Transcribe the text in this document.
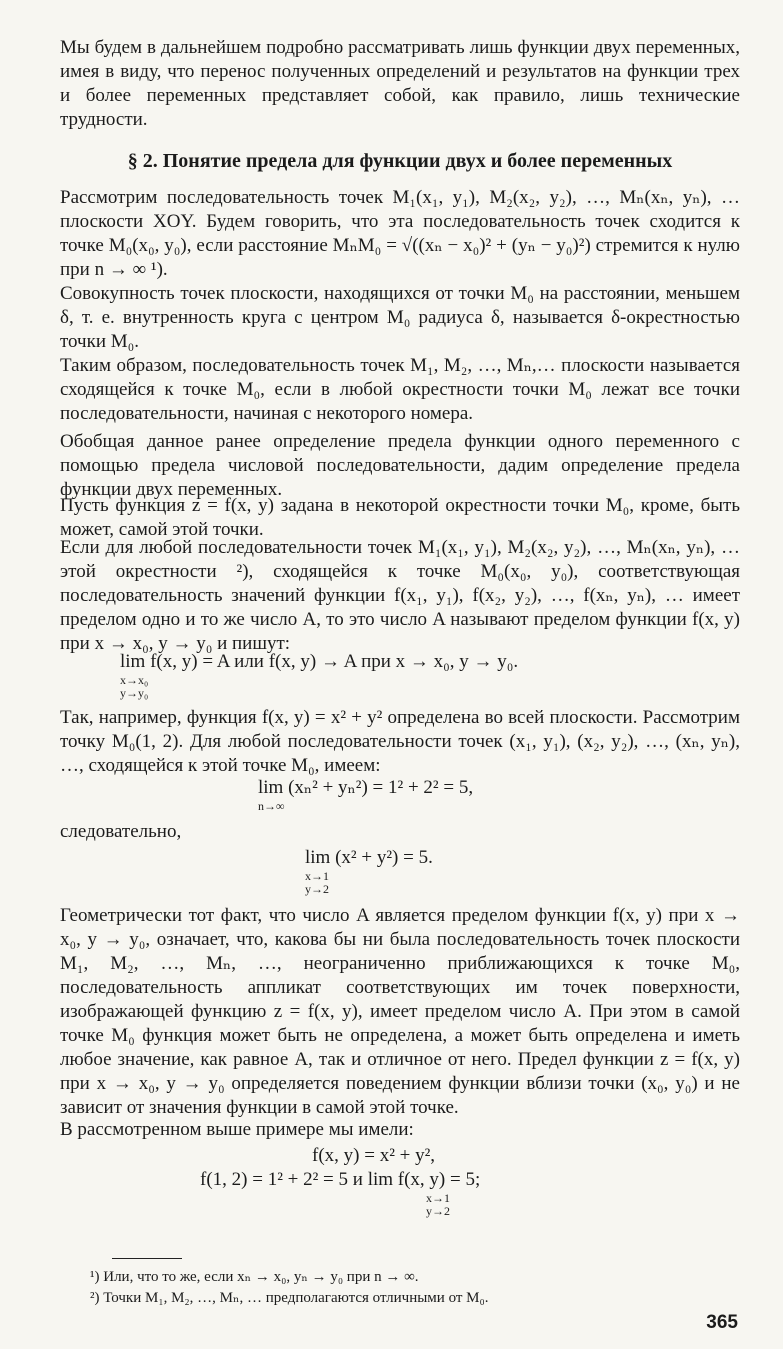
Мы будем в дальнейшем подробно рассматривать лишь функции двух переменных, имея в виду, что перенос полученных определений и результатов на функции трех и более переменных представляет собой, как правило, лишь технические трудности.

§ 2. Понятие предела для функции двух и более переменных

Рассмотрим последовательность точек M₁(x₁, y₁), M₂(x₂, y₂), …, Mₙ(xₙ, yₙ), … плоскости XOY. Будем говорить, что эта последовательность точек сходится к точке M₀(x₀, y₀), если расстояние MₙM₀ = √((xₙ − x₀)² + (yₙ − y₀)²) стремится к нулю при n → ∞ ¹).

Совокупность точек плоскости, находящихся от точки M₀ на расстоянии, меньшем δ, т. е. внутренность круга с центром M₀ радиуса δ, называется δ-окрестностью точки M₀.

Таким образом, последовательность точек M₁, M₂, …, Mₙ,… плоскости называется сходящейся к точке M₀, если в любой окрестности точки M₀ лежат все точки последовательности, начиная с некоторого номера.

Обобщая данное ранее определение предела функции одного переменного с помощью предела числовой последовательности, дадим определение предела функции двух переменных.

Пусть функция z = f(x, y) задана в некоторой окрестности точки M₀, кроме, быть может, самой этой точки.

Если для любой последовательности точек M₁(x₁, y₁), M₂(x₂, y₂), …, Mₙ(xₙ, yₙ), … этой окрестности ²), сходящейся к точке M₀(x₀, y₀), соответствующая последовательность значений функции f(x₁, y₁), f(x₂, y₂), …, f(xₙ, yₙ), … имеет пределом одно и то же число A, то это число A называют пределом функции f(x, y) при x → x₀, y → y₀ и пишут:

lim f(x, y) = A или f(x, y) → A при x → x₀, y → y₀.
x→x₀
y→y₀

Так, например, функция f(x, y) = x² + y² определена во всей плоскости. Рассмотрим точку M₀(1, 2). Для любой последовательности точек (x₁, y₁), (x₂, y₂), …, (xₙ, yₙ), …, сходящейся к этой точке M₀, имеем:

lim (xₙ² + yₙ²) = 1² + 2² = 5,
n→∞

следовательно,

lim (x² + y²) = 5.
x→1
y→2

Геометрически тот факт, что число A является пределом функции f(x, y) при x → x₀, y → y₀, означает, что, какова бы ни была последовательность точек плоскости M₁, M₂, …, Mₙ, …, неограниченно приближающихся к точке M₀, последовательность аппликат соответствующих им точек поверхности, изображающей функцию z = f(x, y), имеет пределом число A. При этом в самой точке M₀ функция может быть не определена, а может быть определена и иметь любое значение, как равное A, так и отличное от него. Предел функции z = f(x, y) при x → x₀, y → y₀ определяется поведением функции вблизи точки (x₀, y₀) и не зависит от значения функции в самой этой точке.

В рассмотренном выше примере мы имели:

f(x, y) = x² + y²,
f(1, 2) = 1² + 2² = 5 и lim f(x, y) = 5;
x→1
y→2
¹) Или, что то же, если xₙ → x₀, yₙ → y₀ при n → ∞.
²) Точки M₁, M₂, …, Mₙ, … предполагаются отличными от M₀.
365
